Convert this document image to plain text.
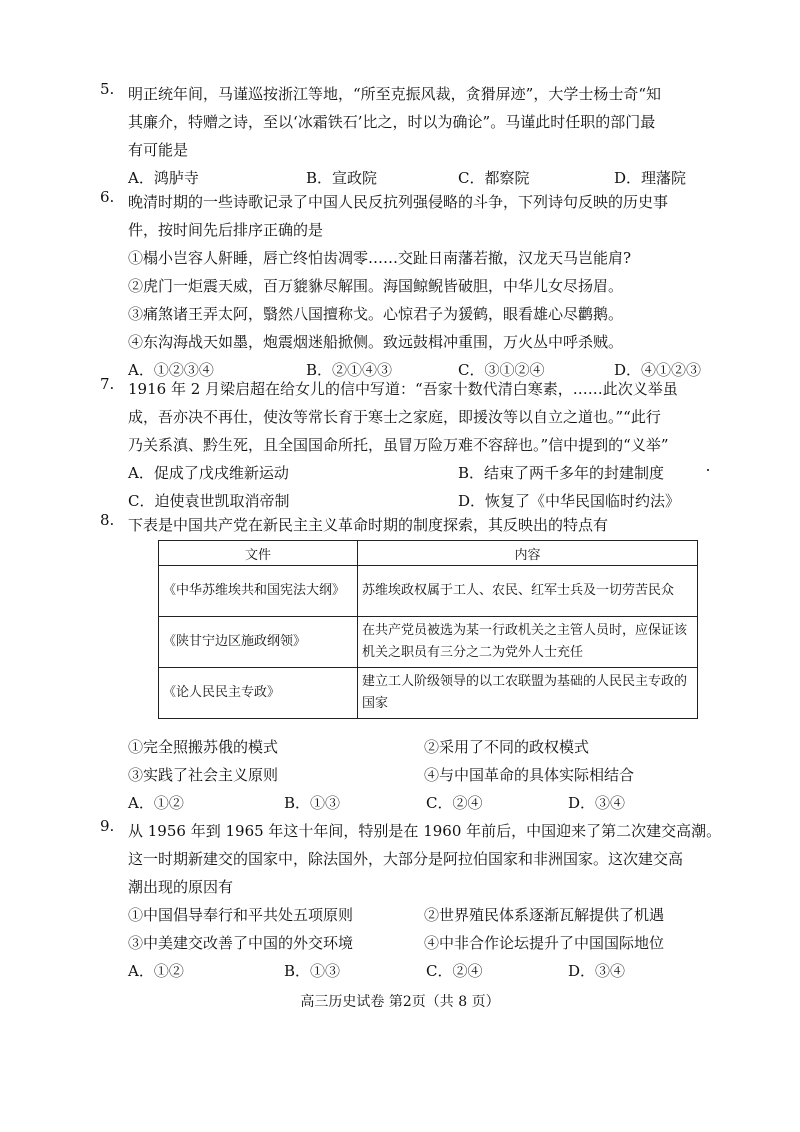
5. 明正统年间，马谨巡按浙江等地，“所至克振风裁，贪猾屏迹”，大学士杨士奇“知
其廉介，特赠之诗，至以‘冰霜铁石’比之，时以为确论”。马谨此时任职的部门最
有可能是
A．鸿胪寺	B．宣政院	C．都察院	D．理藩院
6. 晚清时期的一些诗歌记录了中国人民反抗列强侵略的斗争，下列诗句反映的历史事
件，按时间先后排序正确的是
①榻小岂容人鼾睡，唇亡终怕齿凋零……交趾日南藩若撤，汉龙天马岂能肩?
②虎门一炬震天威，百万貔貅尽解围。海国鲸鲵皆破胆，中华儿女尽扬眉。
③痛煞诸王弄太阿，翳然八国擅称戈。心惊君子为猨鹤，眼看雄心尽鹳鹅。
④东沟海战天如墨，炮震烟迷船掀侧。致远鼓楫冲重围，万火丛中呼杀贼。
A．①②③④	B．②①④③	C．③①②④	D．④①②③
7. 1916 年 2 月梁启超在给女儿的信中写道：“吾家十数代清白寒素，……此次义举虽
成，吾亦决不再仕，使汝等常长育于寒士之家庭，即援汝等以自立之道也。”“此行
乃关系滇、黔生死，且全国国命所托，虽冒万险万难不容辞也。”信中提到的“义举”
A．促成了戊戌维新运动	B．结束了两千多年的封建制度
C．迫使袁世凯取消帝制	D．恢复了《中华民国临时约法》
8. 下表是中国共产党在新民主主义革命时期的制度探索，其反映出的特点有
文件	内容
《中华苏维埃共和国宪法大纲》	苏维埃政权属于工人、农民、红军士兵及一切劳苦民众
《陕甘宁边区施政纲领》	在共产党员被选为某一行政机关之主管人员时，应保证该机关之职员有三分之二为党外人士充任
《论人民民主专政》	建立工人阶级领导的以工农联盟为基础的人民民主专政的国家
①完全照搬苏俄的模式	②采用了不同的政权模式
③实践了社会主义原则	④与中国革命的具体实际相结合
A．①②	B．①③	C．②④	D．③④
9. 从 1956 年到 1965 年这十年间，特别是在 1960 年前后，中国迎来了第二次建交高潮。
这一时期新建交的国家中，除法国外，大部分是阿拉伯国家和非洲国家。这次建交高
潮出现的原因有
①中国倡导奉行和平共处五项原则	②世界殖民体系逐渐瓦解提供了机遇
③中美建交改善了中国的外交环境	④中非合作论坛提升了中国国际地位
A．①②	B．①③	C．②④	D．③④
高三历史试卷 第2页（共 8 页）
